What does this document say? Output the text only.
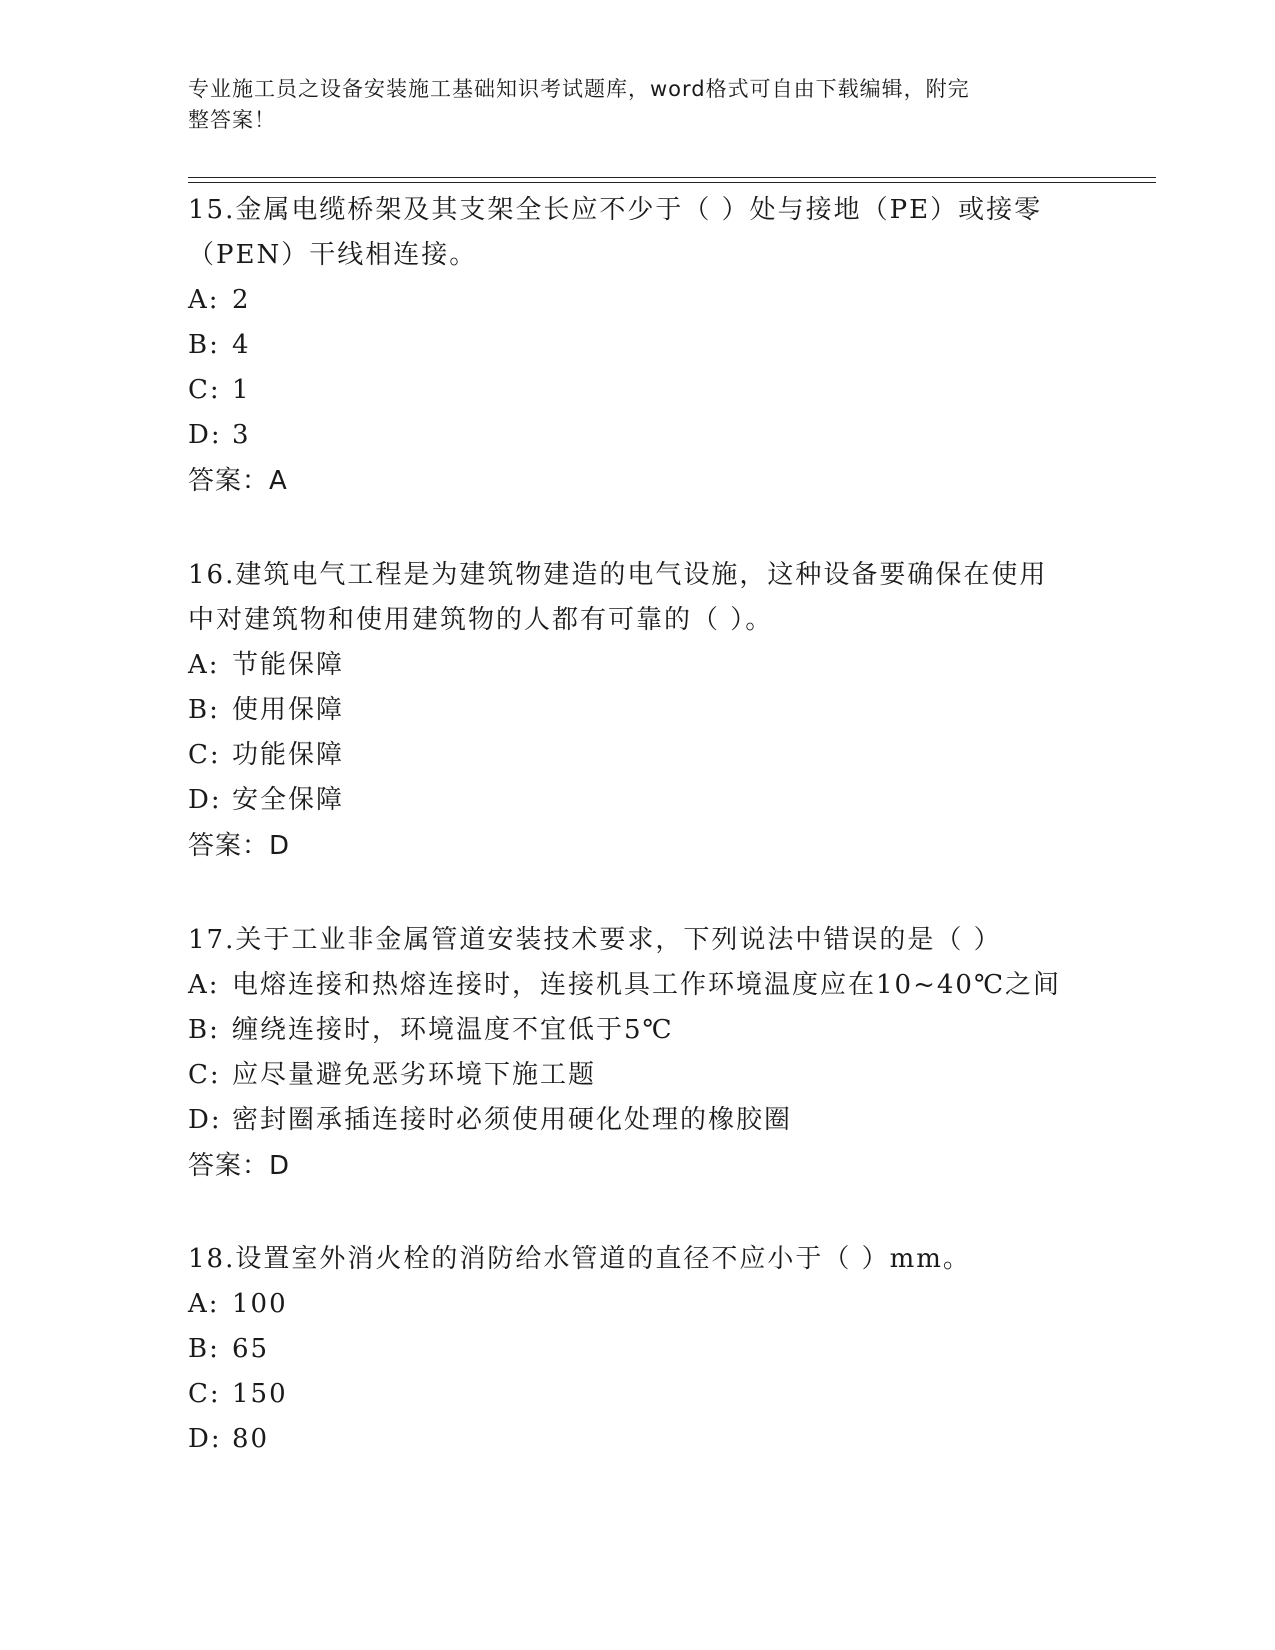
专业施工员之设备安装施工基础知识考试题库，word格式可自由下载编辑，附完
整答案！
15.金属电缆桥架及其支架全长应不少于（ ）处与接地（PE）或接零
（PEN）干线相连接。
A: 2
B: 4
C: 1
D: 3
答案：A
16.建筑电气工程是为建筑物建造的电气设施，这种设备要确保在使用
中对建筑物和使用建筑物的人都有可靠的（ ）。
A: 节能保障
B: 使用保障
C: 功能保障
D: 安全保障
答案：D
17.关于工业非金属管道安装技术要求，下列说法中错误的是（ ）
A: 电熔连接和热熔连接时，连接机具工作环境温度应在10~40℃之间
B: 缠绕连接时，环境温度不宜低于5℃
C: 应尽量避免恶劣环境下施工题
D: 密封圈承插连接时必须使用硬化处理的橡胶圈
答案：D
18.设置室外消火栓的消防给水管道的直径不应小于（ ）mm。
A: 100
B: 65
C: 150
D: 80
